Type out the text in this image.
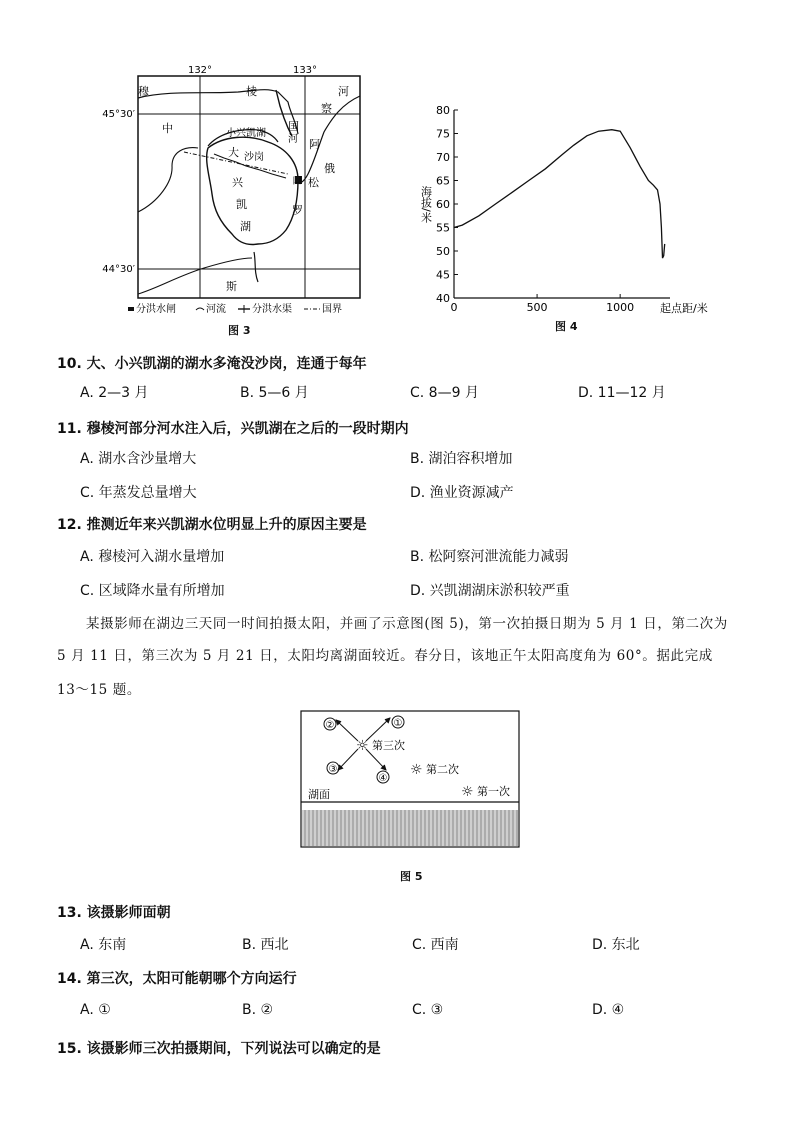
132°	133°
45°30′
44°30′
穆	棱	河
中	国
松
阿
察
俄
罗
斯
小兴凯湖
大 沙岗
兴
凯
湖
河
口
分洪水闸	河流	分洪水渠	国界
图 3
40
45
50
55
60
65
70
75
80
0	500	1000
海拔/米
起点距/米
图 4
10. 大、小兴凯湖的湖水多淹没沙岗，连通于每年
A. 2—3 月	B. 5—6 月	C. 8—9 月	D. 11—12 月
11. 穆棱河部分河水注入后，兴凯湖在之后的一段时期内
A. 湖水含沙量增大	B. 湖泊容积增加
C. 年蒸发总量增大	D. 渔业资源减产
12. 推测近年来兴凯湖水位明显上升的原因主要是
A. 穆棱河入湖水量增加	B. 松阿察河泄流能力减弱
C. 区域降水量有所增加	D. 兴凯湖湖床淤积较严重
某摄影师在湖边三天同一时间拍摄太阳，并画了示意图(图 5)，第一次拍摄日期为 5 月 1 日，第二次为
5 月 11 日，第三次为 5 月 21 日，太阳均离湖面较近。春分日，该地正午太阳高度角为 60°。据此完成
13～15 题。
①
②
③
④
☼ 第三次
☼ 第二次
☼ 第一次
湖面
图 5
13. 该摄影师面朝
A. 东南	B. 西北	C. 西南	D. 东北
14. 第三次，太阳可能朝哪个方向运行
A. ①	B. ②	C. ③	D. ④
15. 该摄影师三次拍摄期间，下列说法可以确定的是
